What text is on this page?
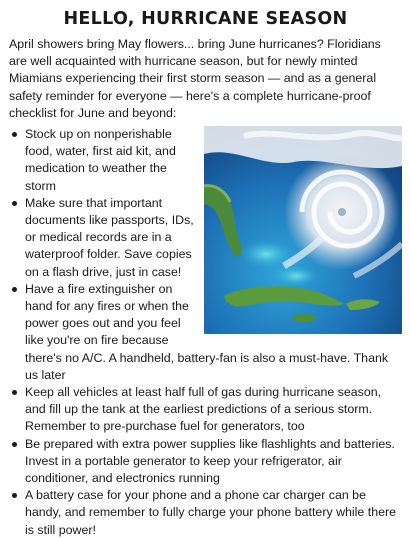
HELLO, HURRICANE SEASON

April showers bring May flowers... bring June hurricanes? Floridians are well acquainted with hurricane season, but for newly minted Miamians experiencing their first storm season — and as a general safety reminder for everyone — here's a complete hurricane-proof checklist for June and beyond:

Stock up on nonperishable food, water, first aid kit, and medication to weather the storm
Make sure that important documents like passports, IDs, or medical records are in a waterproof folder. Save copies on a flash drive, just in case!
Have a fire extinguisher on hand for any fires or when the power goes out and you feel like you're on fire because there's no A/C. A handheld, battery-fan is also a must-have. Thank us later
Keep all vehicles at least half full of gas during hurricane season, and fill up the tank at the earliest predictions of a serious storm. Remember to pre-purchase fuel for generators, too
Be prepared with extra power supplies like flashlights and batteries. Invest in a portable generator to keep your refrigerator, air conditioner, and electronics running
A battery case for your phone and a phone car charger can be handy, and remember to fully charge your phone battery while there is still power!
